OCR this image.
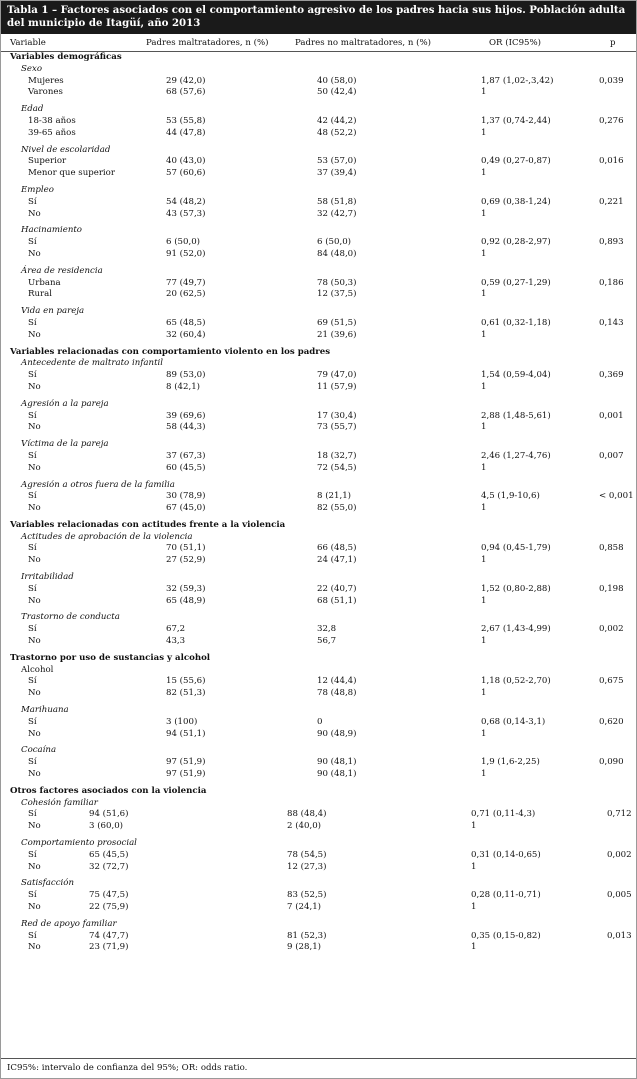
Tabla 1 – Factores asociados con el comportamiento agresivo de los padres hacia sus hijos. Población adulta del municipio de Itagüí, año 2013
Variable	Padres maltratadores, n (%)	Padres no maltratadores, n (%)	OR (IC95%)	p
Variables demográficas
Sexo
Mujeres	29 (42,0)	40 (58,0)	1,87 (1,02-,3,42)	0,039
Varones	68 (57,6)	50 (42,4)	1
Edad
18-38 años	53 (55,8)	42 (44,2)	1,37 (0,74-2,44)	0,276
39-65 años	44 (47,8)	48 (52,2)	1
Nivel de escolaridad
Superior	40 (43,0)	53 (57,0)	0,49 (0,27-0,87)	0,016
Menor que superior	57 (60,6)	37 (39,4)	1
Empleo
Sí	54 (48,2)	58 (51,8)	0,69 (0,38-1,24)	0,221
No	43 (57,3)	32 (42,7)	1
Hacinamiento
Sí	6 (50,0)	6 (50,0)	0,92 (0,28-2,97)	0,893
No	91 (52,0)	84 (48,0)	1
Área de residencia
Urbana	77 (49,7)	78 (50,3)	0,59 (0,27-1,29)	0,186
Rural	20 (62,5)	12 (37,5)	1
Vida en pareja
Sí	65 (48,5)	69 (51,5)	0,61 (0,32-1,18)	0,143
No	32 (60,4)	21 (39,6)	1
Variables relacionadas con comportamiento violento en los padres
Antecedente de maltrato infantil
Sí	89 (53,0)	79 (47,0)	1,54 (0,59-4,04)	0,369
No	8 (42,1)	11 (57,9)	1
Agresión a la pareja
Sí	39 (69,6)	17 (30,4)	2,88 (1,48-5,61)	0,001
No	58 (44,3)	73 (55,7)	1
Víctima de la pareja
Sí	37 (67,3)	18 (32,7)	2,46 (1,27-4,76)	0,007
No	60 (45,5)	72 (54,5)	1
Agresión a otros fuera de la familia
Sí	30 (78,9)	8 (21,1)	4,5 (1,9-10,6)	< 0,001
No	67 (45,0)	82 (55,0)	1
Variables relacionadas con actitudes frente a la violencia
Actitudes de aprobación de la violencia
Sí	70 (51,1)	66 (48,5)	0,94 (0,45-1,79)	0,858
No	27 (52,9)	24 (47,1)	1
Irritabilidad
Sí	32 (59,3)	22 (40,7)	1,52 (0,80-2,88)	0,198
No	65 (48,9)	68 (51,1)	1
Trastorno de conducta
Sí	67,2	32,8	2,67 (1,43-4,99)	0,002
No	43,3	56,7	1
Trastorno por uso de sustancias y alcohol
Alcohol
Sí	15 (55,6)	12 (44,4)	1,18 (0,52-2,70)	0,675
No	82 (51,3)	78 (48,8)	1
Marihuana
Sí	3 (100)	0	0,68 (0,14-3,1)	0,620
No	94 (51,1)	90 (48,9)	1
Cocaína
Sí	97 (51,9)	90 (48,1)	1,9 (1,6-2,25)	0,090
No	97 (51,9)	90 (48,1)	1
Otros factores asociados con la violencia
Cohesión familiar
Sí	94 (51,6)	88 (48,4)	0,71 (0,11-4,3)	0,712
No	3 (60,0)	2 (40,0)	1
Comportamiento prosocial
Sí	65 (45,5)	78 (54,5)	0,31 (0,14-0,65)	0,002
No	32 (72,7)	12 (27,3)	1
Satisfacción
Sí	75 (47,5)	83 (52,5)	0,28 (0,11-0,71)	0,005
No	22 (75,9)	7 (24,1)	1
Red de apoyo familiar
Sí	74 (47,7)	81 (52,3)	0,35 (0,15-0,82)	0,013
No	23 (71,9)	9 (28,1)	1
IC95%: intervalo de confianza del 95%; OR: odds ratio.
